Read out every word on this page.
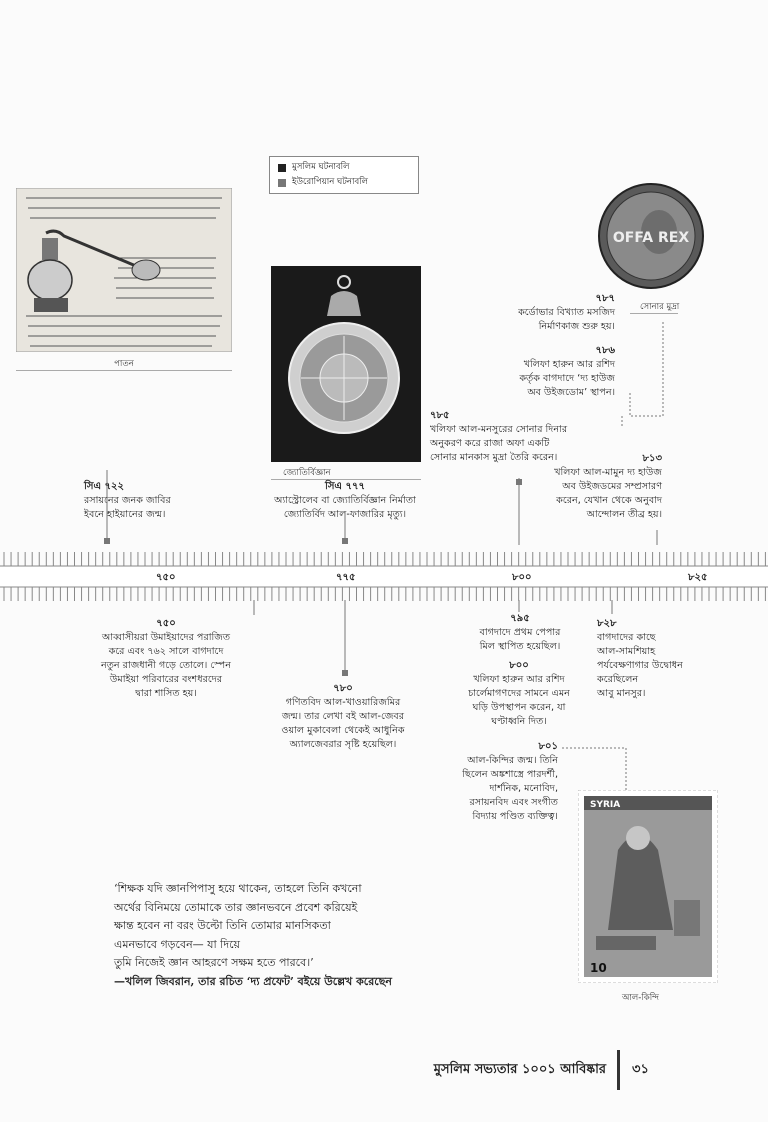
মুসলিম ঘটনাবলি
ইউরোপিয়ান ঘটনাবলি
পাতন
জ্যোতির্বিজ্ঞান
OFFA REX
সোনার মুদ্রা
সিএ ৭২২
রসায়নের জনক জাবির
ইবনে হাইয়ানের জন্ম।
সিএ ৭৭৭
অ্যাস্ট্রোলেব বা জ্যোতির্বিজ্ঞান নির্মাতা
জ্যোতির্বিদ আল-ফাজারির মৃত্যু।
৭৮৭
কর্ডোভার বিখ্যাত মসজিদ
নির্মাণকাজ শুরু হয়।
৭৮৬
খলিফা হারুন আর রশিদ
কর্তৃক বাগদাদে ‘দ্য হাউজ
অব উইজডোম’ স্থাপন।
৭৮৫
খলিফা আল-মনসুরের সোনার দিনার
অনুকরণ করে রাজা অফা একটি
সোনার মানকাস মুদ্রা তৈরি করেন।	৮১৩
খলিফা আল-মামুন দ্য হাউজ
অব উইজডমের সম্প্রসারণ
করেন, যেখান থেকে অনুবাদ
আন্দোলন তীব্র হয়।
৭৫০	৭৭৫	৮০০	৮২৫
৭৫০
আব্বাসীয়রা উমাইয়াদের পরাজিত
করে এবং ৭৬২ সালে বাগদাদে
নতুন রাজধানী গড়ে তোলে। স্পেন
উমাইয়া পরিবারের বংশধরদের
দ্বারা শাসিত হয়।	৭৮০
গণিতবিদ আল-খাওয়ারিজমির
জন্ম। তার লেখা বই আল-জেবর
ওয়াল মুকাবেলা থেকেই আধুনিক
অ্যালজেবরার সৃষ্টি হয়েছিল।
৭৯৫
বাগদাদে প্রথম পেপার
মিল স্থাপিত হয়েছিল।
৮০০
খলিফা হারুন আর রশিদ
চার্লেমাগণদের সামনে এমন
ঘড়ি উপস্থাপন করেন, যা
ঘণ্টাধ্বনি দিত।
৮০১
আল-কিন্দির জন্ম। তিনি
ছিলেন অঙ্কশাস্ত্রে পারদর্শী,
দার্শনিক, মনোবিদ,
রসায়নবিদ এবং সংগীত
বিদ্যায় পণ্ডিত ব্যক্তিত্ব।
৮২৮
বাগদাদের কাছে
আল-সামশিয়াহ
পর্যবেক্ষণাগার উদ্বোধন
করেছিলেন
আবু মানসুর।
SYRIA
10
আল-কিন্দি
‘শিক্ষক যদি জ্ঞানপিপাসু হয়ে থাকেন, তাহলে তিনি কখনো
অর্থের বিনিময়ে তোমাকে তার জ্ঞানভবনে প্রবেশ করিয়েই
ক্ষান্ত হবেন না বরং উল্টো তিনি তোমার মানসিকতা
এমনভাবে গড়বেন— যা দিয়ে
তুমি নিজেই জ্ঞান আহরণে সক্ষম হতে পারবে।’
—খলিল জিবরান, তার রচিত ‘দ্য প্রফেট’ বইয়ে উল্লেখ করেছেন
মুসলিম সভ্যতার ১০০১ আবিষ্কার ৩১
